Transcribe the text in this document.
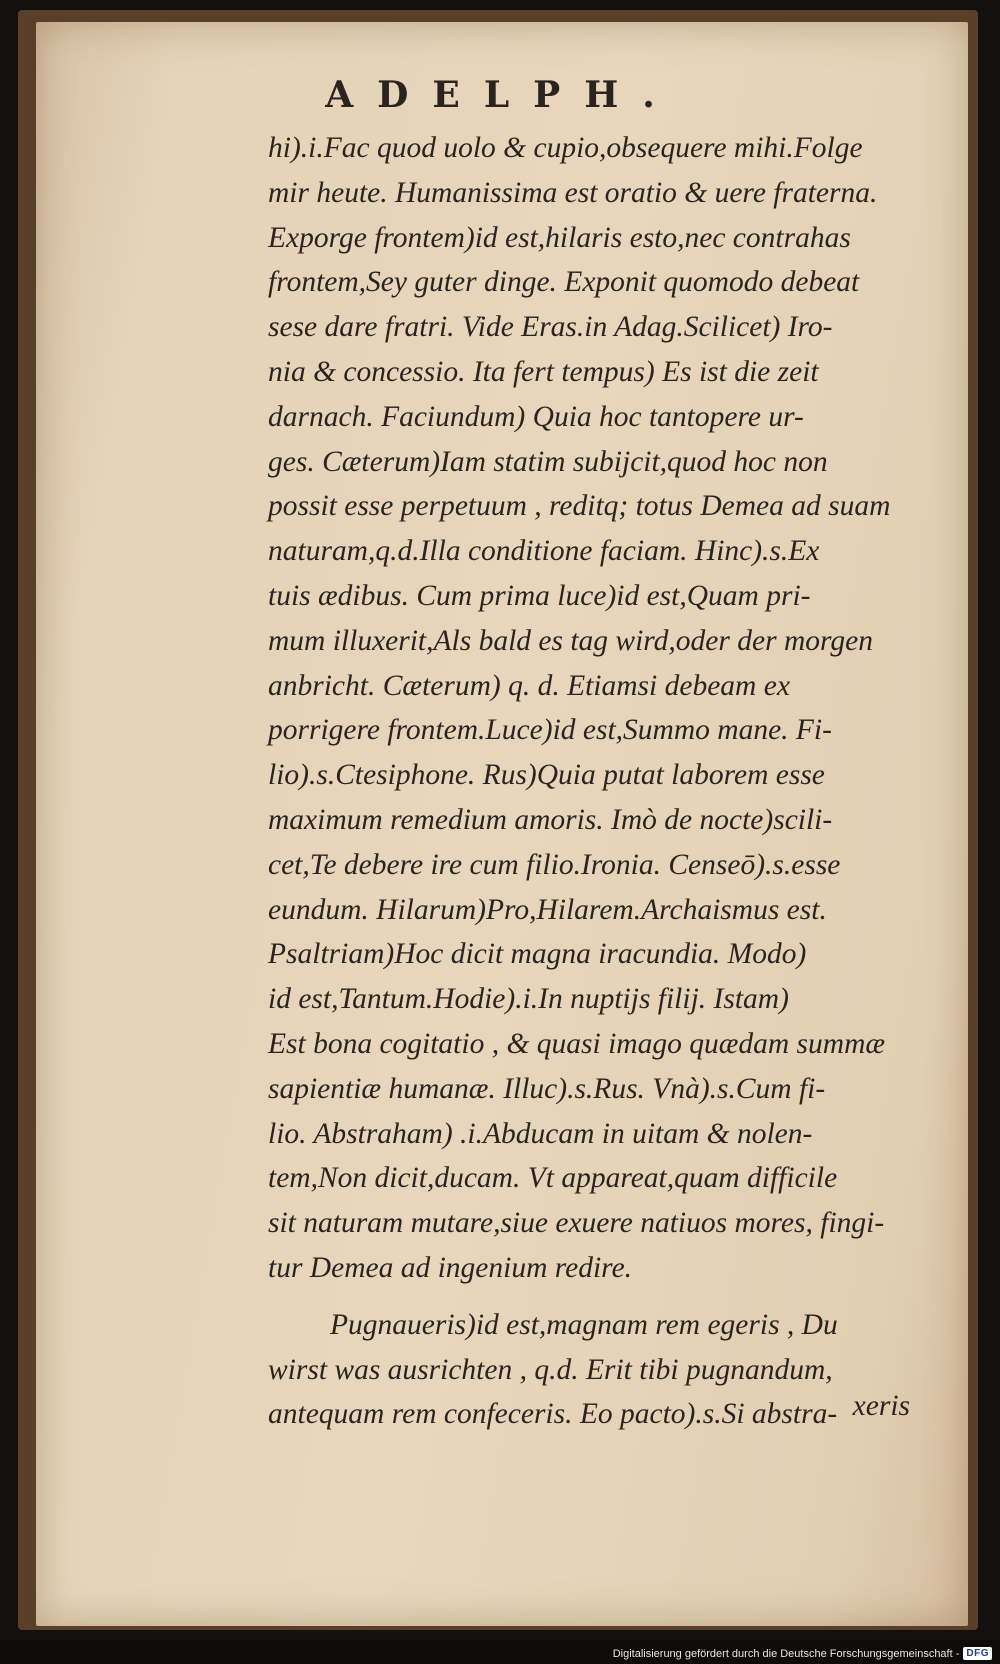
ADELPH.
hi).i.Fac quod uolo & cupio,obsequere mihi.Folge
mir heute. Humanissima est oratio & uere fraterna.
Exporge frontem)id est,hilaris esto,nec contrahas
frontem,Sey guter dinge. Exponit quomodo debeat
sese dare fratri. Vide Eras.in Adag.Scilicet) Iro-
nia & concessio. Ita fert tempus) Es ist die zeit
darnach. Faciundum) Quia hoc tantopere ur-
ges. Cæterum)Iam statim subijcit,quod hoc non
possit esse perpetuum , reditq; totus Demea ad suam
naturam,q.d.Illa conditione faciam. Hinc).s.Ex
tuis ædibus. Cum prima luce)id est,Quam pri-
mum illuxerit,Als bald es tag wird,oder der morgen
anbricht. Cæterum) q. d. Etiamsi debeam ex
porrigere frontem.Luce)id est,Summo mane. Fi-
lio).s.Ctesiphone. Rus)Quia putat laborem esse
maximum remedium amoris. Imò de nocte)scili-
cet,Te debere ire cum filio.Ironia. Censeō).s.esse
eundum. Hilarum)Pro,Hilarem.Archaismus est.
Psaltriam)Hoc dicit magna iracundia. Modo)
id est,Tantum.Hodie).i.In nuptijs filij. Istam)
Est bona cogitatio , & quasi imago quædam summæ
sapientiæ humanæ. Illuc).s.Rus. Vnà).s.Cum fi-
lio. Abstraham) .i.Abducam in uitam & nolen-
tem,Non dicit,ducam. Vt appareat,quam difficile
sit naturam mutare,siue exuere natiuos mores, fingi-
tur Demea ad ingenium redire.
Pugnaueris)id est,magnam rem egeris , Du
wirst was ausrichten , q.d. Erit tibi pugnandum,
antequam rem confeceris. Eo pacto).s.Si abstra- xeris
Digitalisierung gefördert durch die Deutsche Forschungsgemeinschaft - DFG
